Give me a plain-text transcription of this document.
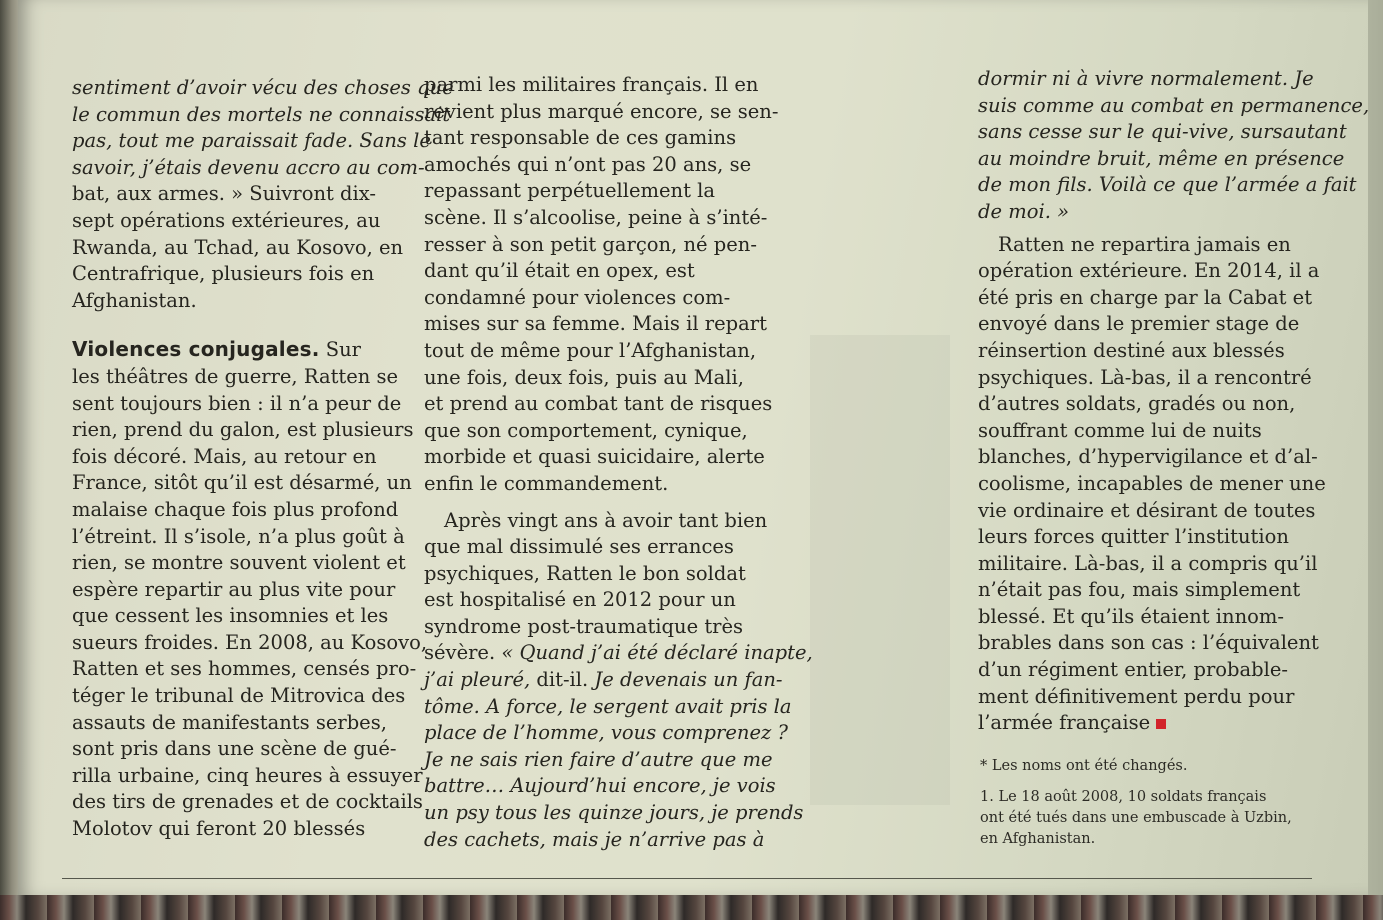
sentiment d’avoir vécu des choses que
le commun des mortels ne connaissait
pas, tout me paraissait fade. Sans le
savoir, j’étais devenu accro au com-
bat, aux armes. » Suivront dix-
sept opérations extérieures, au
Rwanda, au Tchad, au Kosovo, en
Centrafrique, plusieurs fois en
Afghanistan.
Violences conjugales. Sur
les théâtres de guerre, Ratten se
sent toujours bien : il n’a peur de
rien, prend du galon, est plusieurs
fois décoré. Mais, au retour en
France, sitôt qu’il est désarmé, un
malaise chaque fois plus profond
l’étreint. Il s’isole, n’a plus goût à
rien, se montre souvent violent et
espère repartir au plus vite pour
que cessent les insomnies et les
sueurs froides. En 2008, au Kosovo,
Ratten et ses hommes, censés pro-
téger le tribunal de Mitrovica des
assauts de manifestants serbes,
sont pris dans une scène de gué-
rilla urbaine, cinq heures à essuyer
des tirs de grenades et de cocktails
Molotov qui feront 20 blessés
parmi les militaires français. Il en
revient plus marqué encore, se sen-
tant responsable de ces gamins
amochés qui n’ont pas 20 ans, se
repassant perpétuellement la
scène. Il s’alcoolise, peine à s’inté-
resser à son petit garçon, né pen-
dant qu’il était en opex, est
condamné pour violences com-
mises sur sa femme. Mais il repart
tout de même pour l’Afghanistan,
une fois, deux fois, puis au Mali,
et prend au combat tant de risques
que son comportement, cynique,
morbide et quasi suicidaire, alerte
enfin le commandement.
Après vingt ans à avoir tant bien
que mal dissimulé ses errances
psychiques, Ratten le bon soldat
est hospitalisé en 2012 pour un
syndrome post-traumatique très
sévère. « Quand j’ai été déclaré inapte,
j’ai pleuré, dit-il. Je devenais un fan-
tôme. A force, le sergent avait pris la
place de l’homme, vous comprenez ?
Je ne sais rien faire d’autre que me
battre… Aujourd’hui encore, je vois
un psy tous les quinze jours, je prends
des cachets, mais je n’arrive pas à
dormir ni à vivre normalement. Je
suis comme au combat en permanence,
sans cesse sur le qui-vive, sursautant
au moindre bruit, même en présence
de mon fils. Voilà ce que l’armée a fait
de moi. »
Ratten ne repartira jamais en
opération extérieure. En 2014, il a
été pris en charge par la Cabat et
envoyé dans le premier stage de
réinsertion destiné aux blessés
psychiques. Là-bas, il a rencontré
d’autres soldats, gradés ou non,
souffrant comme lui de nuits
blanches, d’hypervigilance et d’al-
coolisme, incapables de mener une
vie ordinaire et désirant de toutes
leurs forces quitter l’institution
militaire. Là-bas, il a compris qu’il
n’était pas fou, mais simplement
blessé. Et qu’ils étaient innom-
brables dans son cas : l’équivalent
d’un régiment entier, probable-
ment définitivement perdu pour
l’armée française

* Les noms ont été changés.

1. Le 18 août 2008, 10 soldats français

ont été tués dans une embuscade à Uzbin,

en Afghanistan.
